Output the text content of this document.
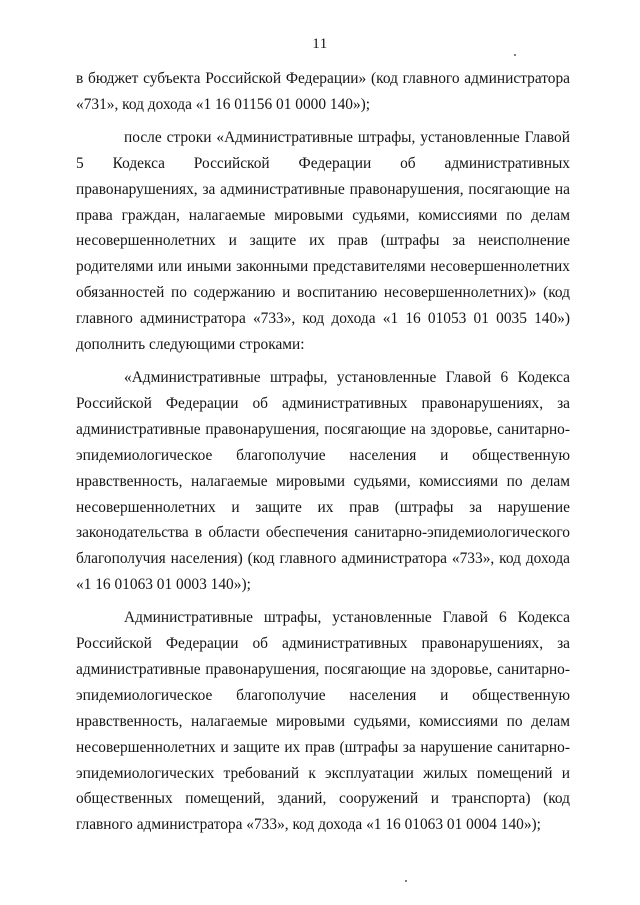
11

в бюджет субъекта Российской Федерации» (код главного администратора «731», код дохода «1 16 01156 01 0000 140»);

после строки «Административные штрафы, установленные Главой 5 Кодекса Российской Федерации об административных правонарушениях, за административные правонарушения, посягающие на права граждан, налагаемые мировыми судьями, комиссиями по делам несовершеннолетних и защите их прав (штрафы за неисполнение родителями или иными законными представителями несовершеннолетних обязанностей по содержанию и воспитанию несовершеннолетних)» (код главного администратора «733», код дохода «1 16 01053 01 0035 140») дополнить следующими строками:

«Административные штрафы, установленные Главой 6 Кодекса Российской Федерации об административных правонарушениях, за административные правонарушения, посягающие на здоровье, санитарно-эпидемиологическое благополучие населения и общественную нравственность, налагаемые мировыми судьями, комиссиями по делам несовершеннолетних и защите их прав (штрафы за нарушение законодательства в области обеспечения санитарно-эпидемиологического благополучия населения) (код главного администратора «733», код дохода «1 16 01063 01 0003 140»);

Административные штрафы, установленные Главой 6 Кодекса Российской Федерации об административных правонарушениях, за административные правонарушения, посягающие на здоровье, санитарно-эпидемиологическое благополучие населения и общественную нравственность, налагаемые мировыми судьями, комиссиями по делам несовершеннолетних и защите их прав (штрафы за нарушение санитарно-эпидемиологических требований к эксплуатации жилых помещений и общественных помещений, зданий, сооружений и транспорта) (код главного администратора «733», код дохода «1 16 01063 01 0004 140»);
